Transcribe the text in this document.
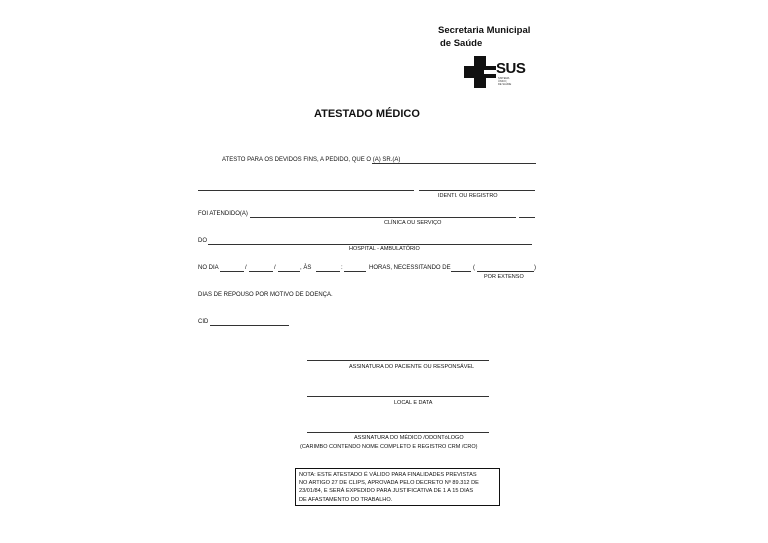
Secretaria Municipal
de Saúde
SUS
SISTEMA
ÚNICO
DE SAÚDE
ATESTADO MÉDICO
ATESTO PARA OS DEVIDOS FINS, A PEDIDO, QUE O (A) SR.(A)
IDENTI. OU REGISTRO
FOI ATENDIDO(A)
CLÍNICA OU SERVIÇO
DO
HOSPITAL - AMBULATÓRIO
NO DIA	/	/	, ÀS	:	HORAS, NECESSITANDO DE	(	)
POR EXTENSO
DIAS DE REPOUSO POR MOTIVO DE DOENÇA.
CID
ASSINATURA DO PACIENTE OU RESPONSÁVEL
LOCAL E DATA
ASSINATURA DO MÉDICO /ODONTóLOGO
(CARIMBO CONTENDO NOME COMPLETO E REGISTRO CRM /CRO)
NOTA: ESTE ATESTADO É VÁLIDO PARA FINALIDADES PREVISTAS
NO ARTIGO 27 DE CLIPS, APROVADA PELO DECRETO Nº 89.312 DE
23/01/84, E SERÁ EXPEDIDO PARA JUSTIFICATIVA DE 1 A 15 DIAS
DE AFASTAMENTO DO TRABALHO.
